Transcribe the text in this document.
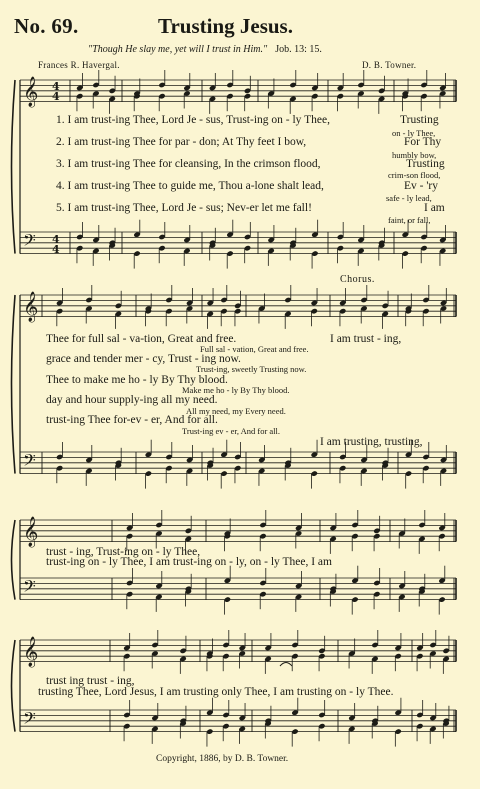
No. 69.	Trusting Jesus.
"Though He slay me, yet will I trust in Him." Job. 13: 15.
Frances R. Havergal.	D. B. Towner.
𝄞
𝄢
𝄞
𝄢
𝄞
𝄢
𝄞
𝄢
4
4
4
4
1. I am trust-ing Thee, Lord Je - sus, Trust-ing on - ly Thee,	Trusting
on - ly Thee,
2. I am trust-ing Thee for par - don; At Thy feet I bow,	For Thy
humbly bow,
3. I am trust-ing Thee for cleansing, In the crimson flood,	Trusting
crim-son flood,
4. I am trust-ing Thee to guide me, Thou a-lone shalt lead,	Ev - 'ry
safe - ly lead,
5. I am trust-ing Thee, Lord Je - sus; Nev-er let me fall!	I am
faint, or fall,
Chorus.
I am trust - ing,
Thee for full sal - va-tion, Great and free.
Full sal - vation, Great and free.
grace and tender mer - cy, Trust - ing now.
Trust-ing, sweetly Trusting now.
Thee to make me ho - ly By Thy blood.
Make me ho - ly By Thy blood.
day and hour supply-ing all my need.
All my need, my Every need.
trust-ing Thee for-ev - er, And for all.
Trust-ing ev - er, And for all.
I am trusting, trusting,
trust - ing, Trust-ing on - ly Thee,
trust-ing on - ly Thee, I am trust-ing on - ly, on - ly Thee, I am
trust ing trust - ing,
trusting Thee, Lord Jesus, I am trusting only Thee, I am trusting on - ly Thee.
Copyright, 1886, by D. B. Towner.
